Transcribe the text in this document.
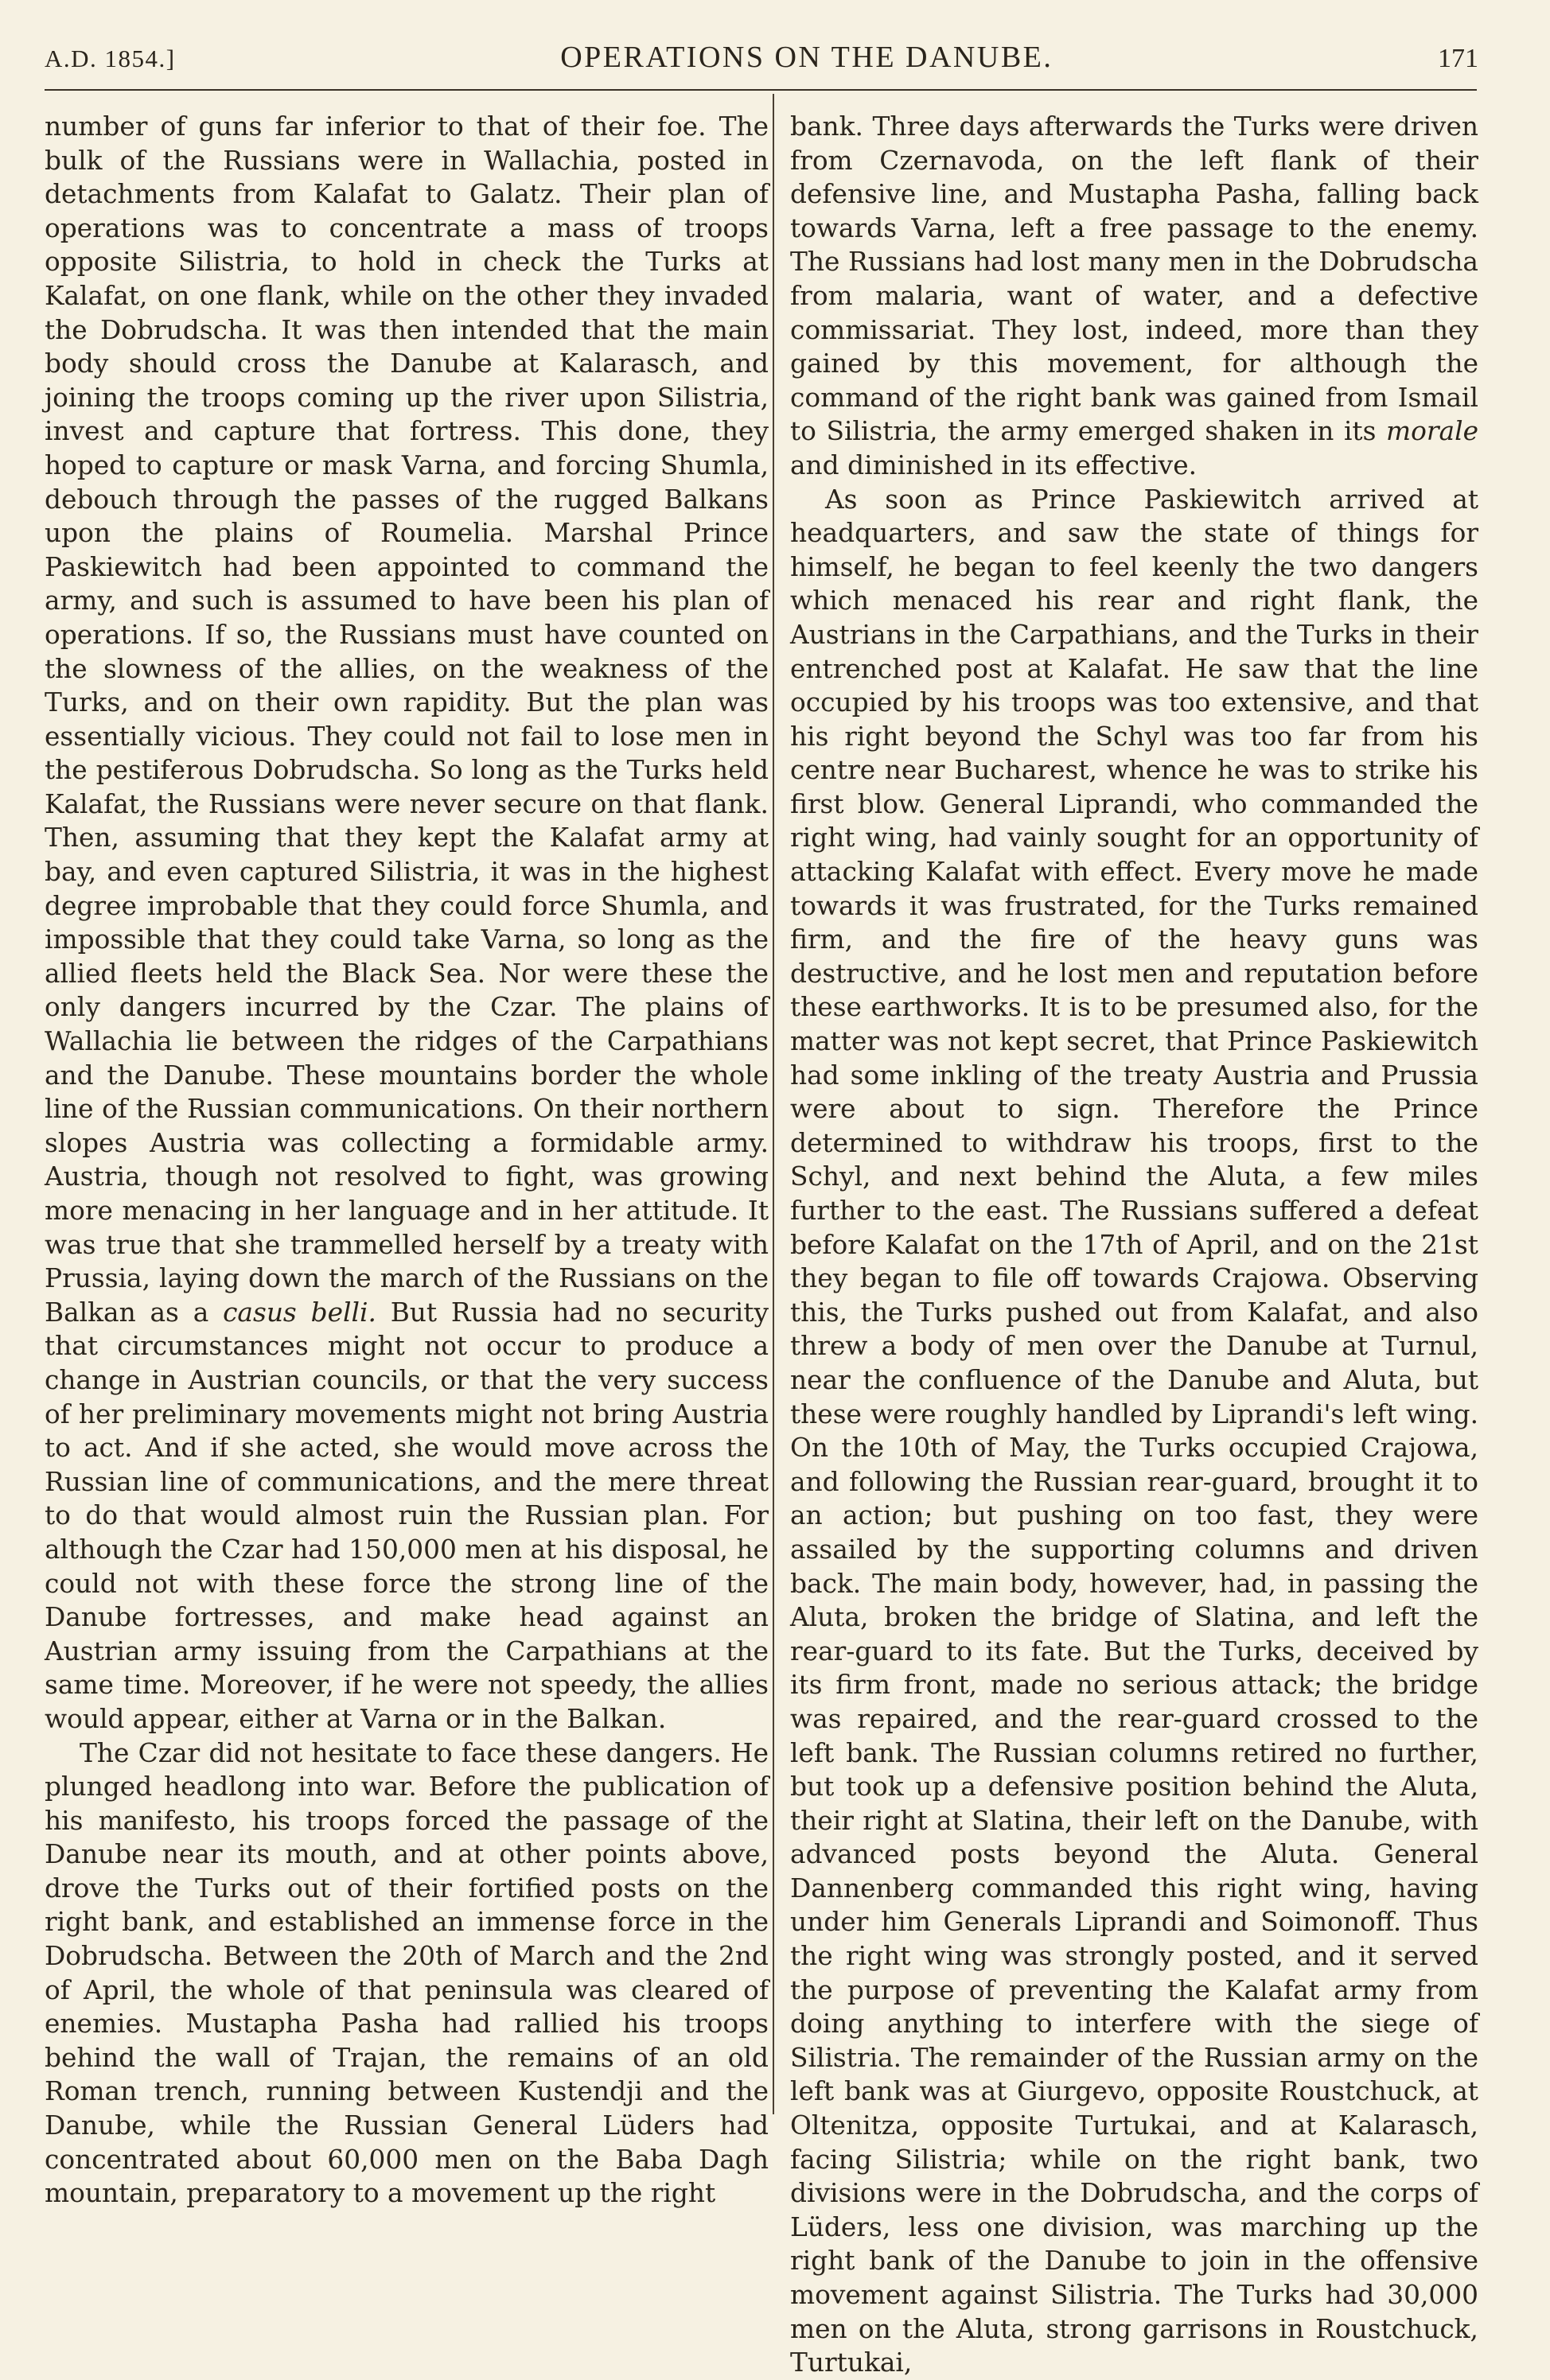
A.D. 1854.]	OPERATIONS ON THE DANUBE.	171

number of guns far inferior to that of their foe. The bulk of the Russians were in Wallachia, posted in detachments from Kalafat to Galatz. Their plan of operations was to concentrate a mass of troops opposite Silistria, to hold in check the Turks at Kalafat, on one flank, while on the other they invaded the Dobrudscha. It was then intended that the main body should cross the Danube at Kalarasch, and joining the troops coming up the river upon Silistria, invest and capture that fortress. This done, they hoped to capture or mask Varna, and forcing Shumla, debouch through the passes of the rugged Balkans upon the plains of Roumelia. Marshal Prince Paskiewitch had been appointed to command the army, and such is assumed to have been his plan of operations. If so, the Russians must have counted on the slowness of the allies, on the weakness of the Turks, and on their own rapidity. But the plan was essentially vicious. They could not fail to lose men in the pestiferous Dobrudscha. So long as the Turks held Kalafat, the Russians were never secure on that flank. Then, assuming that they kept the Kalafat army at bay, and even captured Silistria, it was in the highest degree improbable that they could force Shumla, and impossible that they could take Varna, so long as the allied fleets held the Black Sea. Nor were these the only dangers incurred by the Czar. The plains of Wallachia lie between the ridges of the Carpathians and the Danube. These mountains border the whole line of the Russian communications. On their northern slopes Austria was collecting a formidable army. Austria, though not resolved to fight, was growing more menacing in her language and in her attitude. It was true that she trammelled herself by a treaty with Prussia, laying down the march of the Russians on the Balkan as a casus belli. But Russia had no security that circumstances might not occur to produce a change in Austrian councils, or that the very success of her preliminary movements might not bring Austria to act. And if she acted, she would move across the Russian line of communications, and the mere threat to do that would almost ruin the Russian plan. For although the Czar had 150,000 men at his disposal, he could not with these force the strong line of the Danube fortresses, and make head against an Austrian army issuing from the Carpathians at the same time. Moreover, if he were not speedy, the allies would appear, either at Varna or in the Balkan.

The Czar did not hesitate to face these dangers. He plunged headlong into war. Before the publication of his manifesto, his troops forced the passage of the Danube near its mouth, and at other points above, drove the Turks out of their fortified posts on the right bank, and established an immense force in the Dobrudscha. Between the 20th of March and the 2nd of April, the whole of that peninsula was cleared of enemies. Mustapha Pasha had rallied his troops behind the wall of Trajan, the remains of an old Roman trench, running between Kustendji and the Danube, while the Russian General Lüders had concentrated about 60,000 men on the Baba Dagh mountain, preparatory to a movement up the right

bank. Three days afterwards the Turks were driven from Czernavoda, on the left flank of their defensive line, and Mustapha Pasha, falling back towards Varna, left a free passage to the enemy. The Russians had lost many men in the Dobrudscha from malaria, want of water, and a defective commissariat. They lost, indeed, more than they gained by this movement, for although the command of the right bank was gained from Ismail to Silistria, the army emerged shaken in its morale and diminished in its effective.

As soon as Prince Paskiewitch arrived at headquarters, and saw the state of things for himself, he began to feel keenly the two dangers which menaced his rear and right flank, the Austrians in the Carpathians, and the Turks in their entrenched post at Kalafat. He saw that the line occupied by his troops was too extensive, and that his right beyond the Schyl was too far from his centre near Bucharest, whence he was to strike his first blow. General Liprandi, who commanded the right wing, had vainly sought for an opportunity of attacking Kalafat with effect. Every move he made towards it was frustrated, for the Turks remained firm, and the fire of the heavy guns was destructive, and he lost men and reputation before these earthworks. It is to be presumed also, for the matter was not kept secret, that Prince Paskiewitch had some inkling of the treaty Austria and Prussia were about to sign. Therefore the Prince determined to withdraw his troops, first to the Schyl, and next behind the Aluta, a few miles further to the east. The Russians suffered a defeat before Kalafat on the 17th of April, and on the 21st they began to file off towards Crajowa. Observing this, the Turks pushed out from Kalafat, and also threw a body of men over the Danube at Turnul, near the confluence of the Danube and Aluta, but these were roughly handled by Liprandi's left wing. On the 10th of May, the Turks occupied Crajowa, and following the Russian rear-guard, brought it to an action; but pushing on too fast, they were assailed by the supporting columns and driven back. The main body, however, had, in passing the Aluta, broken the bridge of Slatina, and left the rear-guard to its fate. But the Turks, deceived by its firm front, made no serious attack; the bridge was repaired, and the rear-guard crossed to the left bank. The Russian columns retired no further, but took up a defensive position behind the Aluta, their right at Slatina, their left on the Danube, with advanced posts beyond the Aluta. General Dannenberg commanded this right wing, having under him Generals Liprandi and Soimonoff. Thus the right wing was strongly posted, and it served the purpose of preventing the Kalafat army from doing anything to interfere with the siege of Silistria. The remainder of the Russian army on the left bank was at Giurgevo, opposite Roustchuck, at Oltenitza, opposite Turtukai, and at Kalarasch, facing Silistria; while on the right bank, two divisions were in the Dobrudscha, and the corps of Lüders, less one division, was marching up the right bank of the Danube to join in the offensive movement against Silistria. The Turks had 30,000 men on the Aluta, strong garrisons in Roustchuck, Turtukai,
